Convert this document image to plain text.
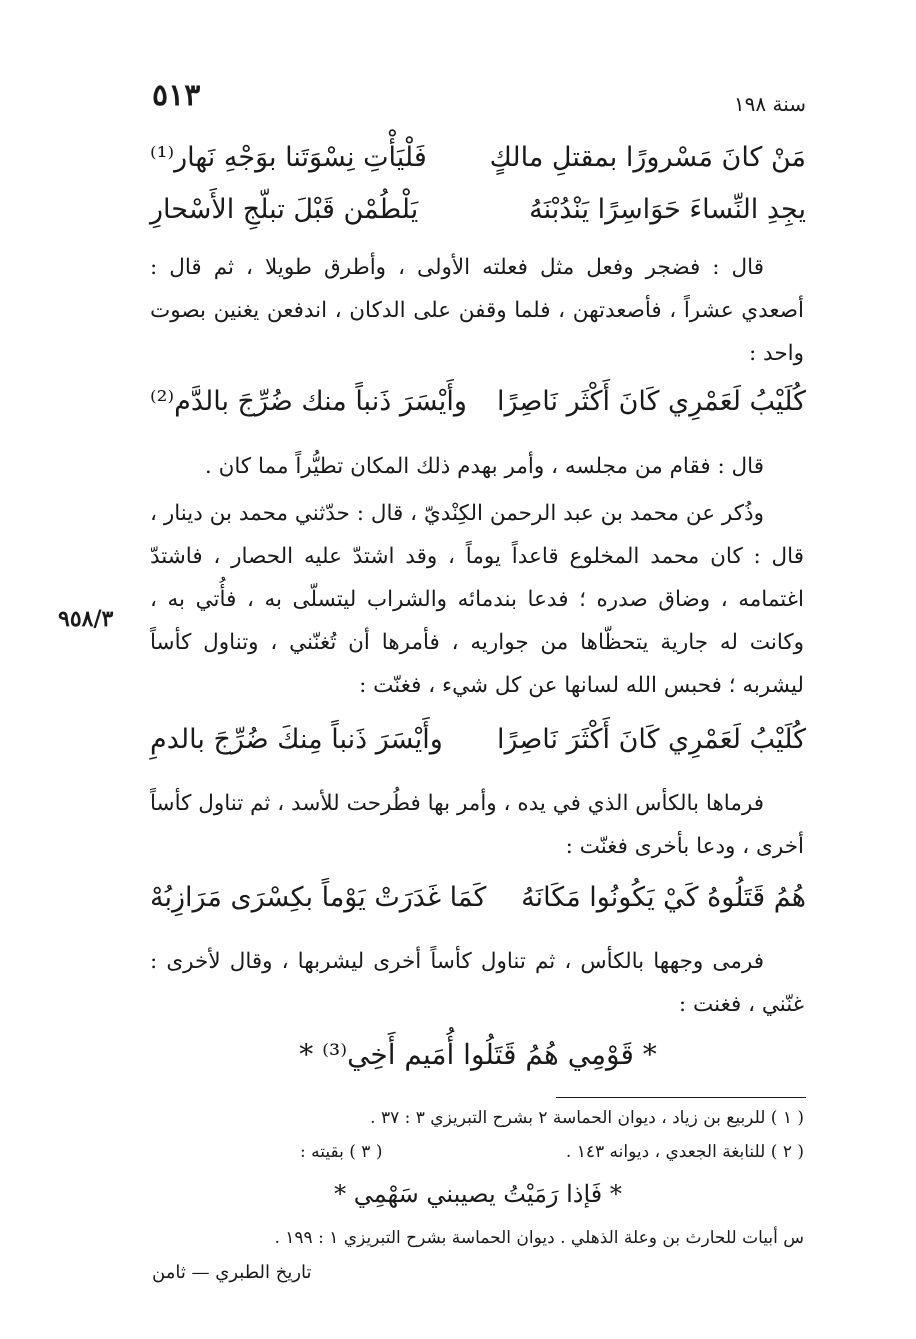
٥١٣	سنة ١٩٨
٩٥٨/٣
مَنْ كانَ مَسْرورًا بمقتلِ مالكٍ
فَلْيَأْتِ نِسْوَتَنا بوَجْهِ نَهار⁽¹⁾
يجِدِ النِّساءَ حَوَاسِرًا يَنْدُبْنَهُ
يَلْطُمْن قَبْلَ تبلّجِ الأَسْحارِ

قال : فضجر وفعل مثل فعلته الأولى ، وأطرق طويلا ، ثم قال : أصعدي عشراً ، فأصعدتهن ، فلما وقفن على الدكان ، اندفعن يغنين بصوت واحد :

كُلَيْبُ لَعَمْرِي كَانَ أَكْثَر نَاصِرًا
وأَيْسَرَ ذَنباً منك ضُرِّجَ بالدَّم⁽²⁾

قال : فقام من مجلسه ، وأمر بهدم ذلك المكان تطيُّراً مما كان .

وذُكر عن محمد بن عبد الرحمن الكِنْديّ ، قال : حدّثني محمد بن دينار ، قال : كان محمد المخلوع قاعداً يوماً ، وقد اشتدّ عليه الحصار ، فاشتدّ اغتمامه ، وضاق صدره ؛ فدعا بندمائه والشراب ليتسلّى به ، فأُتي به ، وكانت له جارية يتحظّاها من جواريه ، فأمرها أن تُغنّني ، وتناول كأساً ليشربه ؛ فحبس الله لسانها عن كل شيء ، فغنّت :

كُلَيْبُ لَعَمْرِي كَانَ أَكْثَرَ نَاصِرًا
وأَيْسَرَ ذَنباً مِنكَ ضُرِّجَ بالدمِ

فرماها بالكأس الذي في يده ، وأمر بها فطُرحت للأسد ، ثم تناول كأساً أخرى ، ودعا بأخرى فغنّت :

هُمُ قَتَلُوهُ كَيْ يَكُونُوا مَكَانَهُ
كَمَا غَدَرَتْ يَوْماً بكِسْرَى مَرَازِبُهْ

فرمى وجهها بالكأس ، ثم تناول كأساً أخرى ليشربها ، وقال لأخرى : غنّني ، فغنت :

* قَوْمِي هُمُ قَتَلُوا أُمَيم أَخِي⁽³⁾ *
( ١ ) للربيع بن زياد ، ديوان الحماسة ٢ بشرح التبريزي ٣ : ٣٧ .
( ٢ ) للنابغة الجعدي ، ديوانه ١٤٣ .
( ٣ ) بقيته :
* فَإذا رَمَيْتُ يصيبني سَهْمِي *
س أبيات للحارث بن وعلة الذهلي . ديوان الحماسة بشرح التبريزي ١ : ١٩٩ .
تاريخ الطبري — ثامن
